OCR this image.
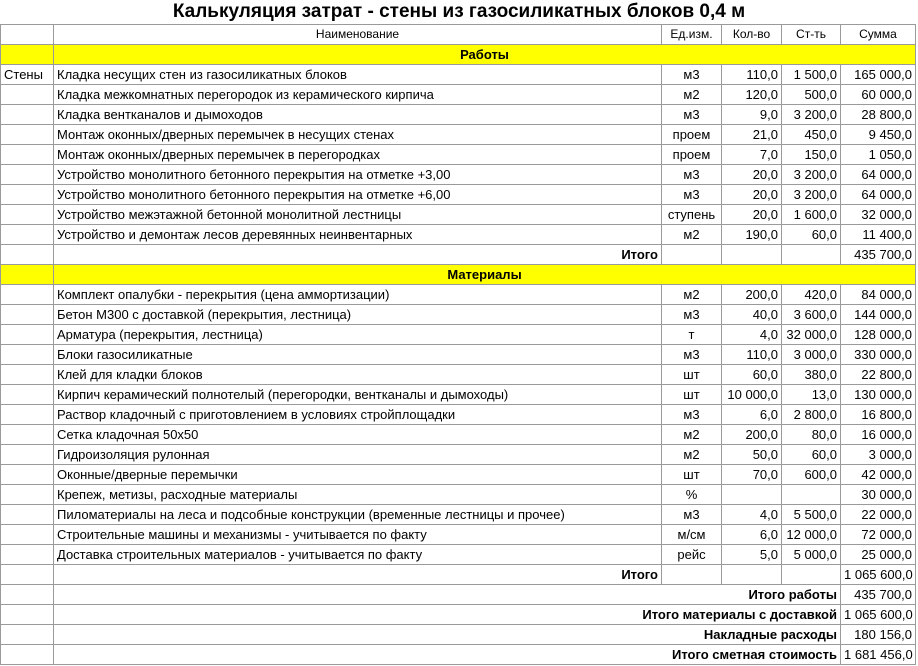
Калькуляция затрат - стены из газосиликатных блоков 0,4 м
	Наименование	Ед.изм.	Кол-во	Ст-ть	Сумма
	Работы				
Стены	Кладка несущих стен из газосиликатных блоков	м3	110,0	1 500,0	165 000,0
	Кладка межкомнатных перегородок из керамического кирпича	м2	120,0	500,0	60 000,0
	Кладка вентканалов и дымоходов	м3	9,0	3 200,0	28 800,0
	Монтаж оконных/дверных перемычек в несущих стенах	проем	21,0	450,0	9 450,0
	Монтаж оконных/дверных перемычек в перегородках	проем	7,0	150,0	1 050,0
	Устройство монолитного бетонного перекрытия на отметке +3,00	м3	20,0	3 200,0	64 000,0
	Устройство монолитного бетонного перекрытия на отметке +6,00	м3	20,0	3 200,0	64 000,0
	Устройство межэтажной бетонной монолитной лестницы	ступень	20,0	1 600,0	32 000,0
	Устройство и демонтаж лесов деревянных неинвентарных	м2	190,0	60,0	11 400,0
	Итого				435 700,0
	Материалы				
	Комплект опалубки - перекрытия (цена аммортизации)	м2	200,0	420,0	84 000,0
	Бетон М300 с доставкой (перекрытия, лестница)	м3	40,0	3 600,0	144 000,0
	Арматура (перекрытия, лестница)	т	4,0	32 000,0	128 000,0
	Блоки газосиликатные	м3	110,0	3 000,0	330 000,0
	Клей для кладки блоков	шт	60,0	380,0	22 800,0
	Кирпич керамический полнотелый (перегородки, вентканалы и дымоходы)	шт	10 000,0	13,0	130 000,0
	Раствор кладочный с приготовлением в условиях стройплощадки	м3	6,0	2 800,0	16 800,0
	Сетка кладочная 50х50	м2	200,0	80,0	16 000,0
	Гидроизоляция рулонная	м2	50,0	60,0	3 000,0
	Оконные/дверные перемычки	шт	70,0	600,0	42 000,0
	Крепеж, метизы, расходные материалы	%			30 000,0
	Пиломатериалы на леса и подсобные конструкции (временные лестницы и прочее)	м3	4,0	5 500,0	22 000,0
	Строительные машины и механизмы - учитывается по факту	м/см	6,0	12 000,0	72 000,0
	Доставка строительных материалов - учитывается по факту	рейс	5,0	5 000,0	25 000,0
	Итого				1 065 600,0
	Итого работы				435 700,0
	Итого материалы с доставкой				1 065 600,0
	Накладные расходы				180 156,0
	Итого сметная стоимость				1 681 456,0
